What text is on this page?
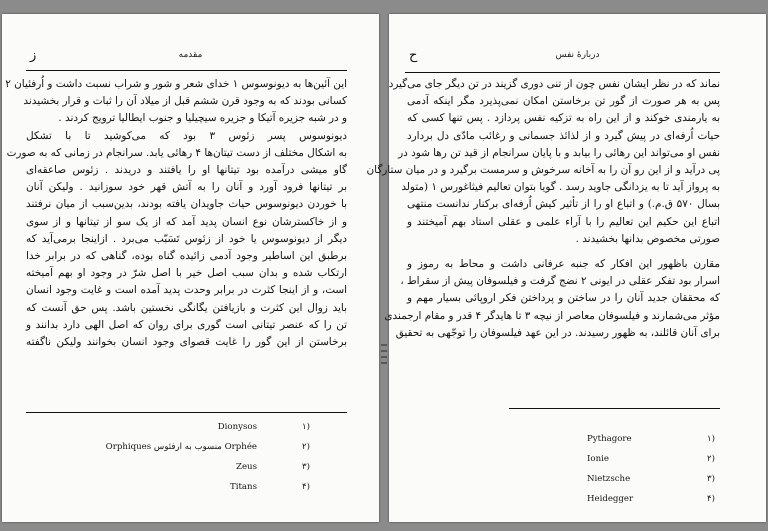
ز	مقدمه
این آئین‌ها به دیونوسوس ۱ خدای شعر و شور و شراب نسبت داشت و اُرفئیان ۲
کسانی بودند که به وجود قرن ششم قبل از میلاد آن را ثبات و قرار بخشیدند
و در شبه جزیره آتیکا و جزیره سیچیلیا و جنوب ایطالیا ترویج کردند .
دیونوسوس پسر زئوس ۳ بود که می‌کوشید تا با تشکل
به اشکال مختلف از دست تیتان‌ها ۴ رهائی یابد. سرانجام در زمانی که به صورت
گاو میشی درآمده بود تیتانها او را یافتند و دریدند . زئوس صاعقه‌ای
بر تیتانها فرود آورد و آنان را به آتش قهر خود سوزانید . ولیکن آنان
با خوردن دیونوسوس حیات جاویدان یافته بودند، بدین‌سبب از میان نرفتند
و از خاکسترشان نوع انسان پدید آمد که از یک سو از تیتانها و از سوی
دیگر از دیونوسوس یا خود از زئوس تَسَبّب می‌برد . ازاینجا برمی‌آید که
برطبق این اساطیر وجود آدمی زائیده گناه بوده، گناهی که در برابر خدا
ارتکاب شده و بدان سبب اصل خیر با اصل شرّ در وجود او بهم آمیخته
است، و از اینجا کثرت در برابر وحدت پدید آمده است و غایت وجود انسان
باید زوال این کثرت و بازیافتن یگانگی نخستین باشد. پس حق آنست که
تن را که عنصر تیتانی است گوری برای روان که اصل الهی دارد بدانند و
برخاستن از این گور را غایت قصوای وجود انسان بخوانند ولیکن ناگفته
۱)
Dionysos
۲)
Orphiques منسوب به ارفئوس Orphée
۳)
Zeus
۴)
Titans
ح	دربارهٔ نفس
نماند که در نظر ایشان نفس چون از تنی دوری گزیند در تن دیگر جای می‌گیرد
پس به هر صورت از گور تن برخاستن امکان نمی‌پذیرد مگر اینکه آدمی
به یارمندی خوکند و از این راه به تزکیه نفس پردازد . پس تنها کسی که
حیات اُرفه‌ای در پیش گیرد و از لذائذ جسمانی و رغائب مادّی دل بردارد
نفس او می‌تواند این رهائی را بیابد و با پایان سرانجام از قید تن رها شود در
پی درآید و از این رو آن را به آخانه سرخوش و سرمست برگیرد و در میان ستارگان
به پرواز آید تا به یزدانگی جاوید رسد . گویا بتوان تعالیم فیثاغورس ۱ (متولد
بسال ۵۷۰ ق.م.) و اتباع او را از تأثیر کیش اُرفه‌ای برکنار ندانست منتهی
اتباع این حکیم این تعالیم را با آراء علمی و عقلی استاد بهم آمیختند و
صورتی مخصوص بدانها بخشیدند .
مقارن باظهور این افکار که جنبه عرفانی داشت و محاط به رموز و
اسرار بود تفکر عقلی در ایونی ۲ نضج گرفت و فیلسوفان پیش از سقراط ،
که محققان جدید آنان را در ساختن و پرداختن فکر اروپائی بسیار مهم و
مؤثر می‌شمارند و فیلسوفان معاصر از نیچه ۳ تا هایدگر ۴ قدر و مقام ارجمندی
برای آنان قائلند، به ظهور رسیدند. در این عهد فیلسوفان را توجّهی به تحقیق
۱)
Pythagore
۲)
Ionie
۳)
Nietzsche
۴)
Heidegger
